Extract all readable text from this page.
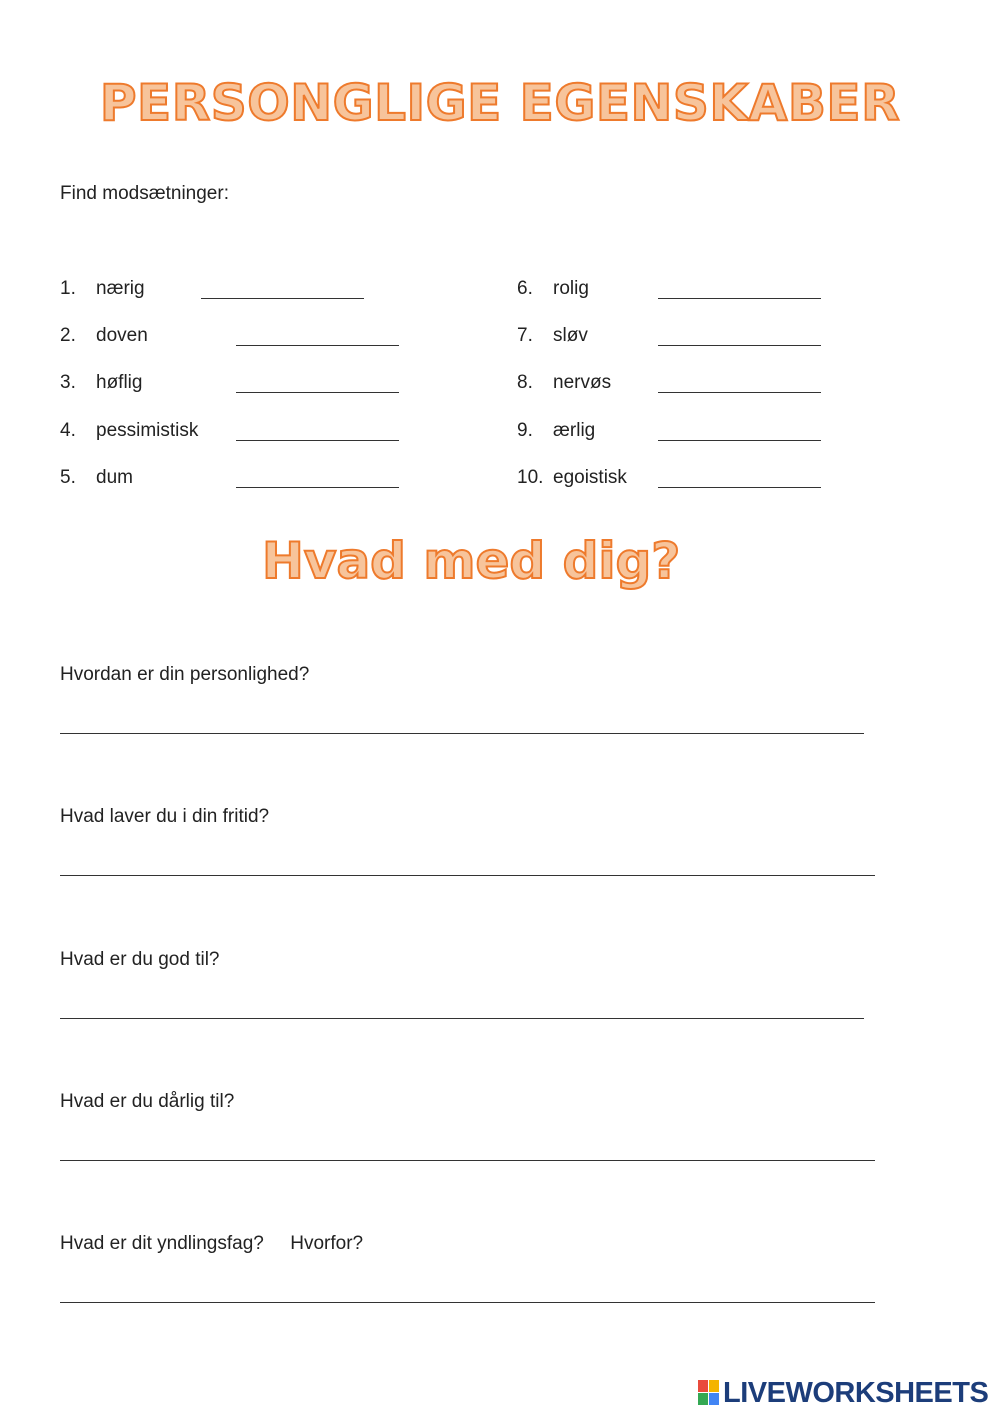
PERSONGLIGE EGENSKABER
Find modsætninger:
1. nærig
2. doven
3. høflig
4. pessimistisk
5. dum
6. rolig
7. sløv
8. nervøs
9. ærlig
10. egoistisk
Hvad med dig?
Hvordan er din personlighed?
Hvad laver du i din fritid?
Hvad er du god til?
Hvad er du dårlig til?
Hvad er dit yndlingsfag?     Hvorfor?
LIVEWORKSHEETS
